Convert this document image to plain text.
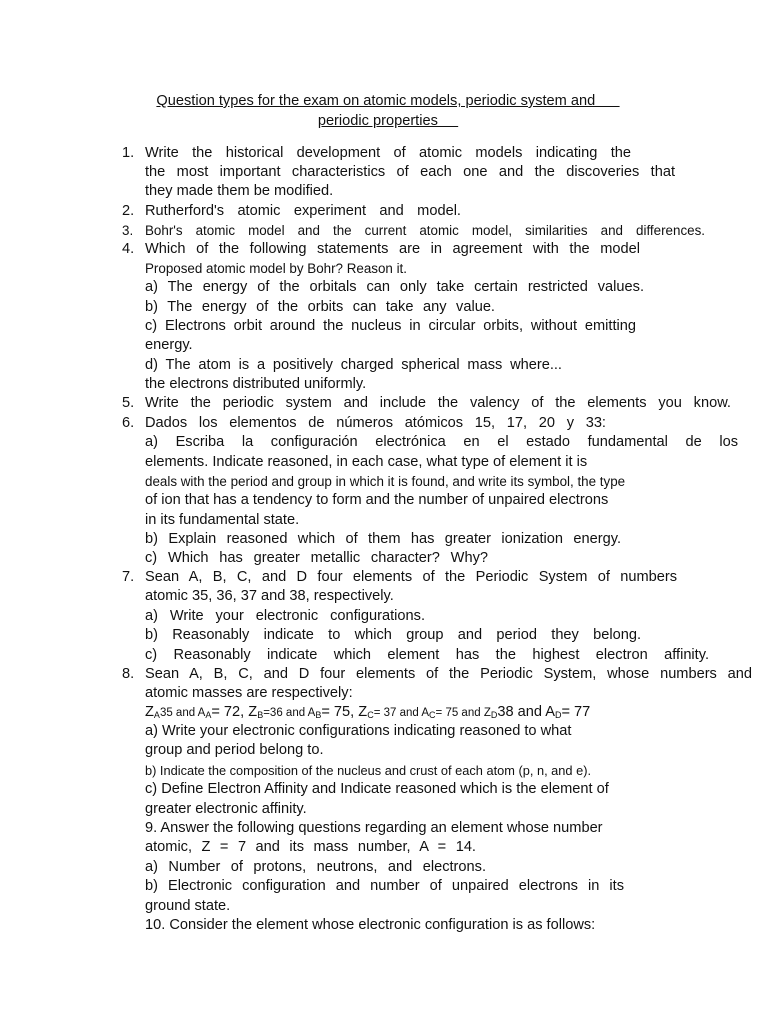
Question types for the exam on atomic models, periodic system and
periodic properties
1. Write the historical development of atomic models indicating the
the most important characteristics of each one and the discoveries that
they made them be modified.
2. Rutherford's atomic experiment and model.
3. Bohr's atomic model and the current atomic model, similarities and differences.
4. Which of the following statements are in agreement with the model
Proposed atomic model by Bohr? Reason it.
a) The energy of the orbitals can only take certain restricted values.
b) The energy of the orbits can take any value.
c) Electrons orbit around the nucleus in circular orbits, without emitting
energy.
d) The atom is a positively charged spherical mass where...
the electrons distributed uniformly.
5. Write the periodic system and include the valency of the elements you know.
6. Dados los elementos de números atómicos 15, 17, 20 y 33:
a) Escriba la configuración electrónica en el estado fundamental de los
elements. Indicate reasoned, in each case, what type of element it is
deals with the period and group in which it is found, and write its symbol, the type
of ion that has a tendency to form and the number of unpaired electrons
in its fundamental state.
b) Explain reasoned which of them has greater ionization energy.
c) Which has greater metallic character? Why?
7. Sean A, B, C, and D four elements of the Periodic System of numbers
atomic 35, 36, 37 and 38, respectively.
a) Write your electronic configurations.
b) Reasonably indicate to which group and period they belong.
c) Reasonably indicate which element has the highest electron affinity.
8. Sean A, B, C, and D four elements of the Periodic System, whose numbers and
atomic masses are respectively:
$Z_A35$ and $A_A= 72$, $Z_B=36$ and $A_B= 75$, $Z_C= 37$ and $A_C= 75$ and $Z_D38$ and $A_D= 77$
a) Write your electronic configurations indicating reasoned to what
group and period belong to.
b) Indicate the composition of the nucleus and crust of each atom (p, n, and e).
c) Define Electron Affinity and Indicate reasoned which is the element of
greater electronic affinity.
9. Answer the following questions regarding an element whose number
atomic, Z = 7 and its mass number, A = 14.
a) Number of protons, neutrons, and electrons.
b) Electronic configuration and number of unpaired electrons in its
ground state.
10. Consider the element whose electronic configuration is as follows:
